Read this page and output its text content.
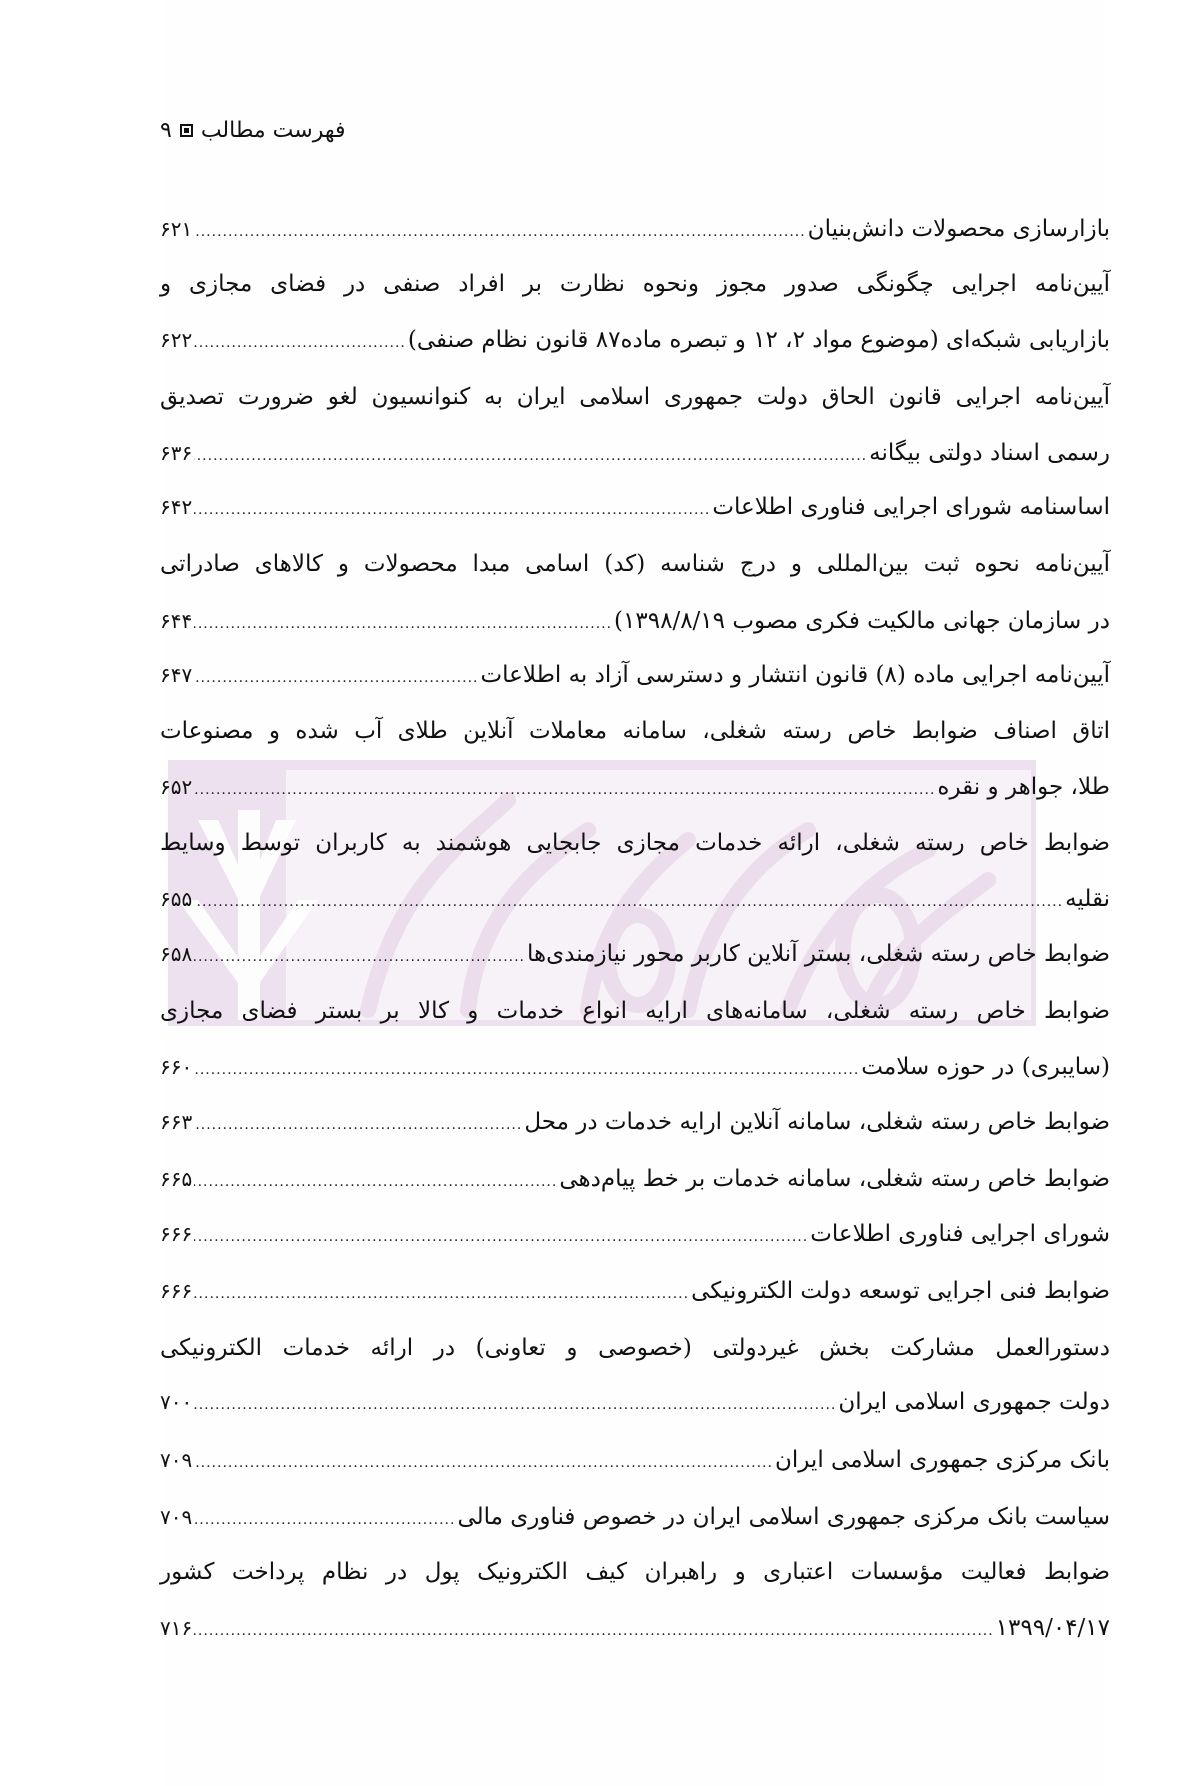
فهرست مطالب
۹
بازارسازی محصولات دانش‌بنیان
.....
۶۲۱
آیین‌نامه اجرایی چگونگی صدور مجوز ونحوه نظارت بر افراد صنفی در فضای مجازی و
بازاریابی شبکه‌ای (موضوع مواد ۲، ۱۲ و تبصره ماده۸۷ قانون نظام صنفی)
.....
۶۲۲
آیین‌نامه اجرایی قانون الحاق دولت جمهوری اسلامی ایران به کنوانسیون لغو ضرورت تصدیق
رسمی اسناد دولتی بیگانه
.....
۶۳۶
اساسنامه شورای اجرایی فناوری اطلاعات
.....
۶۴۲
آیین‌نامه نحوه ثبت بین‌المللی و درج شناسه (کد) اسامی مبدا محصولات و کالاهای صادراتی
در سازمان جهانی مالکیت فکری مصوب ۱۳۹۸/۸/۱۹)
.....
۶۴۴
آیین‌نامه اجرایی ماده (۸) قانون انتشار و دسترسی آزاد به اطلاعات
.....
۶۴۷
اتاق اصناف ضوابط خاص رسته شغلی، سامانه معاملات آنلاین طلای آب شده و مصنوعات
طلا، جواهر و نقره
.....
۶۵۲
ضوابط خاص رسته شغلی، ارائه خدمات مجازی جابجایی هوشمند به کاربران توسط وسایط
نقلیه
.....
۶۵۵
ضوابط خاص رسته شغلی، بستر آنلاین کاربر محور نیازمندی‌ها
.....
۶۵۸
ضوابط خاص رسته شغلی، سامانه‌های ارایه انواع خدمات و کالا بر بستر فضای مجازی
(سایبری) در حوزه سلامت
.....
۶۶۰
ضوابط خاص رسته شغلی، سامانه آنلاین ارایه خدمات در محل
.....
۶۶۳
ضوابط خاص رسته شغلی، سامانه خدمات بر خط پیام‌دهی
.....
۶۶۵
شورای اجرایی فناوری اطلاعات
.....
۶۶۶
ضوابط فنی اجرایی توسعه دولت الکترونیکی
.....
۶۶۶
دستورالعمل مشارکت بخش غیردولتی (خصوصی و تعاونی) در ارائه خدمات الکترونیکی
دولت جمهوری اسلامی ایران
.....
۷۰۰
بانک مرکزی جمهوری اسلامی ایران
.....
۷۰۹
سیاست بانک مرکزی جمهوری اسلامی ایران در خصوص فناوری مالی
.....
۷۰۹
ضوابط فعالیت مؤسسات اعتباری و راهبران کیف الکترونیک پول در نظام پرداخت کشور
۱۳۹۹/۰۴/۱۷
.....
۷۱۶
